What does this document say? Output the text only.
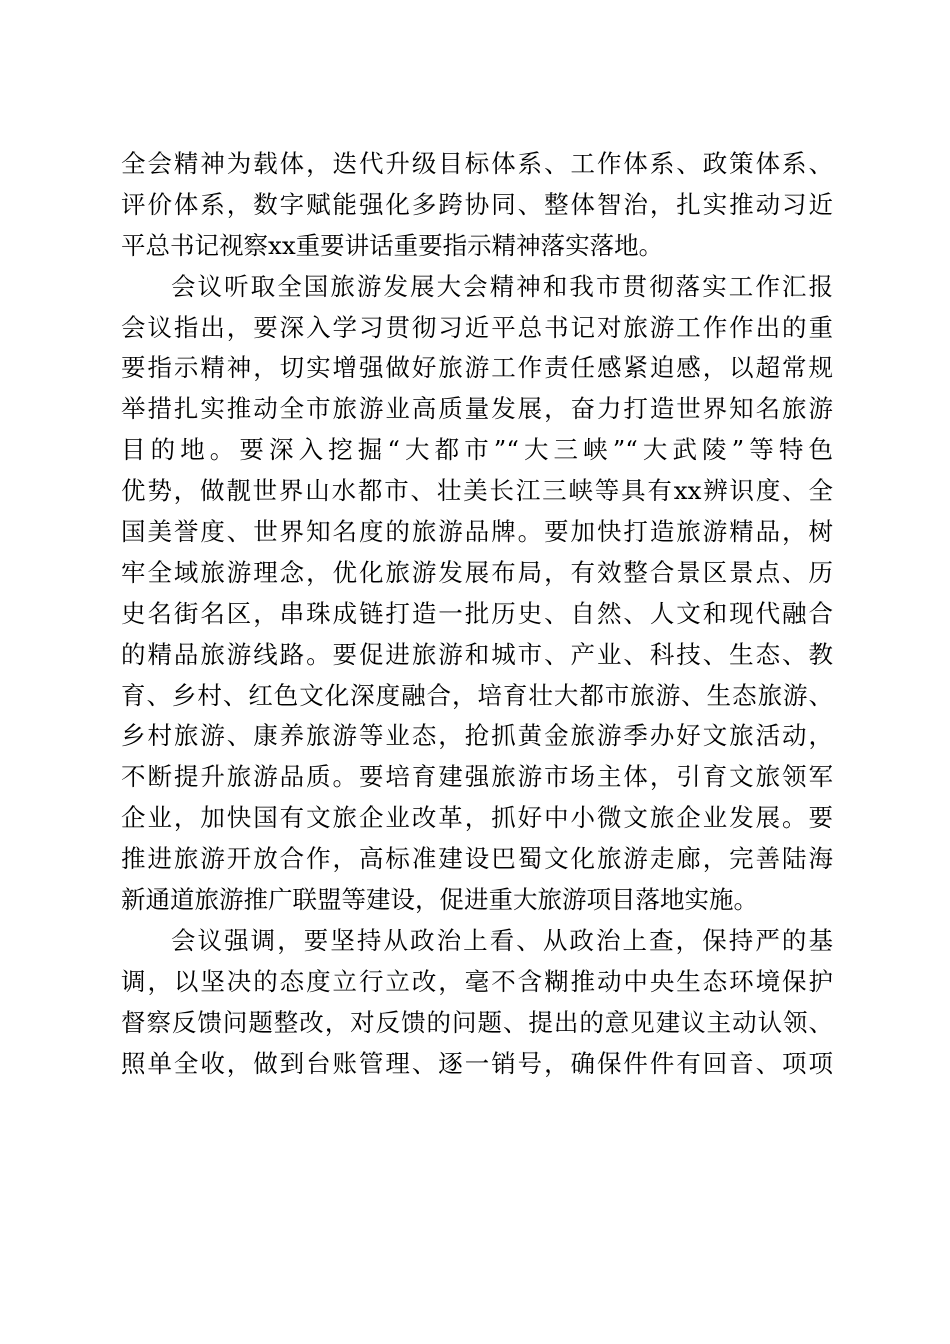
全会精神为载体，迭代升级目标体系、工作体系、政策体系、
评价体系，数字赋能强化多跨协同、整体智治，扎实推动习近
平总书记视察xx重要讲话重要指示精神落实落地。
会议听取全国旅游发展大会精神和我市贯彻落实工作汇报
会议指出，要深入学习贯彻习近平总书记对旅游工作作出的重
要指示精神，切实增强做好旅游工作责任感紧迫感，以超常规
举措扎实推动全市旅游业高质量发展，奋力打造世界知名旅游
目的地。要深入挖掘“大都市”“大三峡”“大武陵”等特色
优势，做靓世界山水都市、壮美长江三峡等具有xx辨识度、全
国美誉度、世界知名度的旅游品牌。要加快打造旅游精品，树
牢全域旅游理念，优化旅游发展布局，有效整合景区景点、历
史名街名区，串珠成链打造一批历史、自然、人文和现代融合
的精品旅游线路。要促进旅游和城市、产业、科技、生态、教
育、乡村、红色文化深度融合，培育壮大都市旅游、生态旅游、
乡村旅游、康养旅游等业态，抢抓黄金旅游季办好文旅活动，
不断提升旅游品质。要培育建强旅游市场主体，引育文旅领军
企业，加快国有文旅企业改革，抓好中小微文旅企业发展。要
推进旅游开放合作，高标准建设巴蜀文化旅游走廊，完善陆海
新通道旅游推广联盟等建设，促进重大旅游项目落地实施。
会议强调，要坚持从政治上看、从政治上查，保持严的基
调，以坚决的态度立行立改，毫不含糊推动中央生态环境保护
督察反馈问题整改，对反馈的问题、提出的意见建议主动认领、
照单全收，做到台账管理、逐一销号，确保件件有回音、项项
